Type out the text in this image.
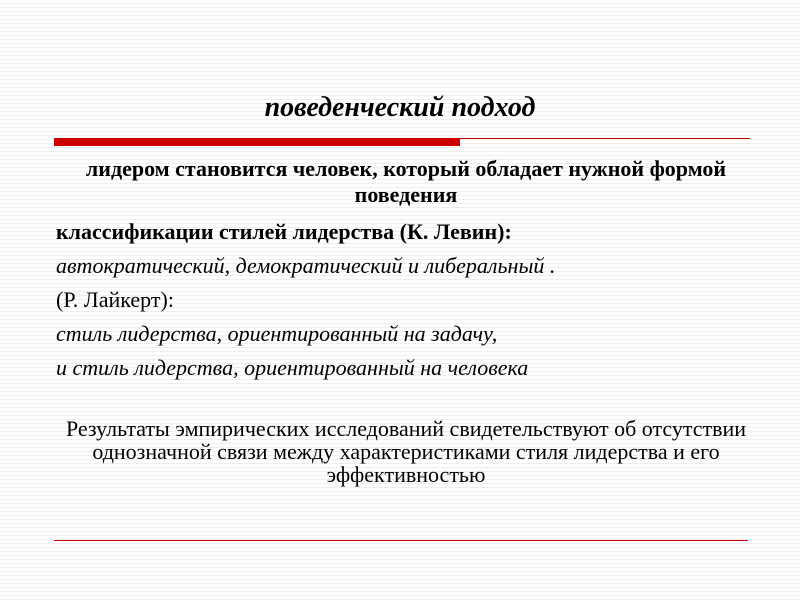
поведенческий подход

лидером становится человек, который обладает нужной формой поведения

классификации стилей лидерства (К. Левин):

автократический, демократический и либеральный .

(Р. Лайкерт):

стиль лидерства, ориентированный на задачу,

и стиль лидерства, ориентированный на человека

Результаты эмпирических исследований свидетельствуют об отсутствии однозначной связи между характеристиками стиля лидерства и его эффективностью
